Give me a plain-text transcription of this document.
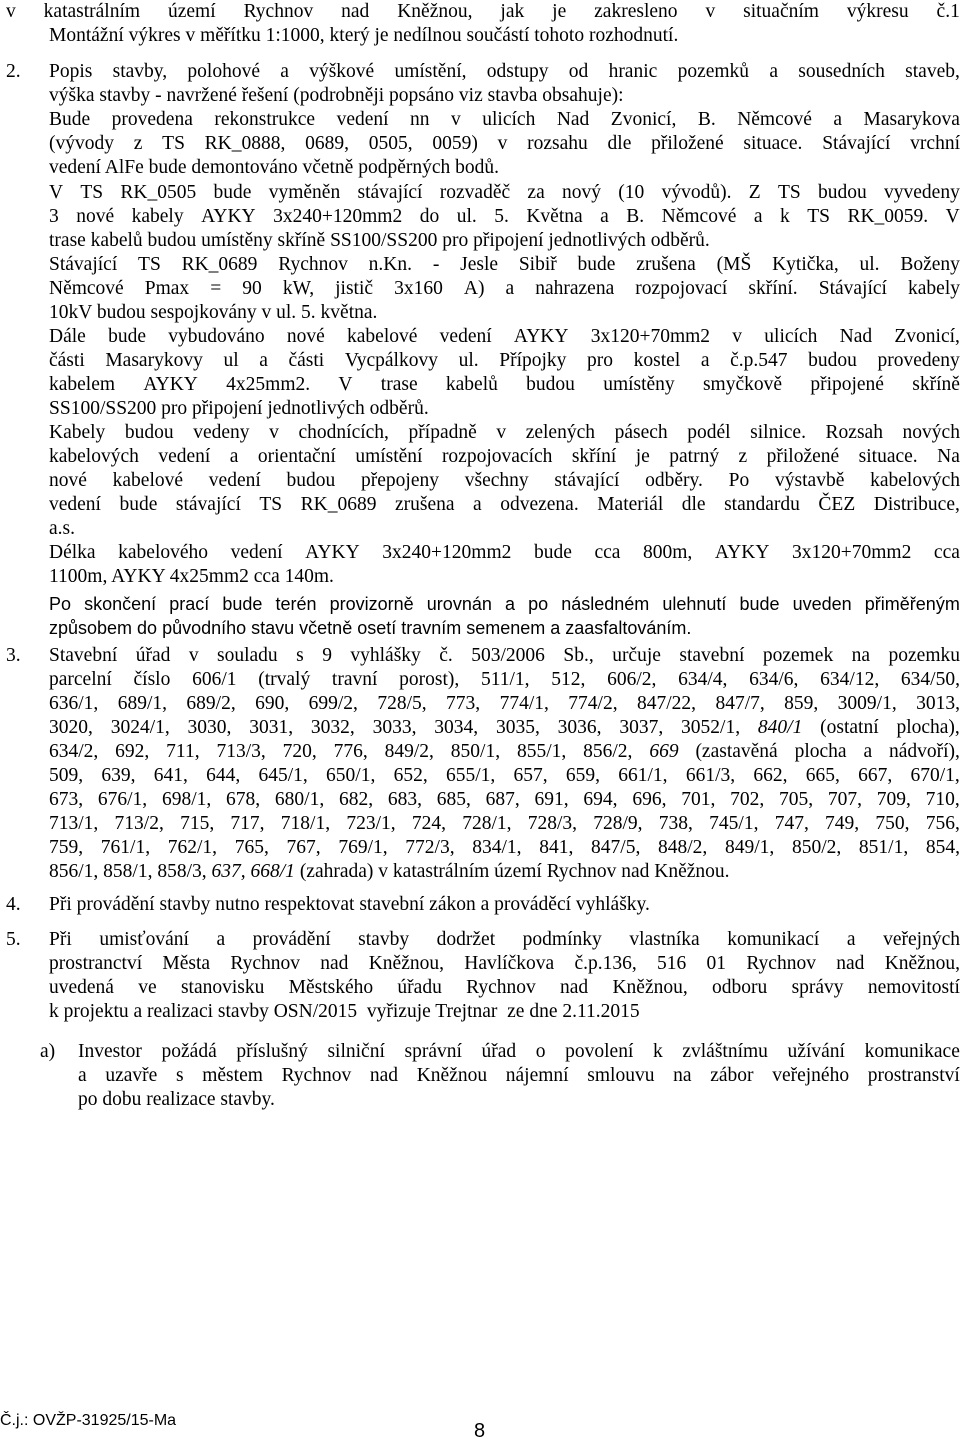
v katastrálním území Rychnov nad Kněžnou, jak je zakresleno v situačním výkresu č.1
Montážní výkres v měřítku 1:1000, který je nedílnou součástí tohoto rozhodnutí.
2. Popis stavby, polohové a výškové umístění, odstupy od hranic pozemků a sousedních staveb,
výška stavby - navržené řešení (podrobněji popsáno viz stavba obsahuje):
Bude provedena rekonstrukce vedení nn v ulicích Nad Zvonicí, B. Němcové a Masarykova
(vývody z TS RK_0888, 0689, 0505, 0059) v rozsahu dle přiložené situace. Stávající vrchní
vedení AlFe bude demontováno včetně podpěrných bodů.
V TS RK_0505 bude vyměněn stávající rozvaděč za nový (10 vývodů). Z TS budou vyvedeny
3 nové kabely AYKY 3x240+120mm2 do ul. 5. Května a B. Němcové a k TS RK_0059. V
trase kabelů budou umístěny skříně SS100/SS200 pro připojení jednotlivých odběrů.
Stávající TS RK_0689 Rychnov n.Kn. - Jesle Sibiř bude zrušena (MŠ Kytička, ul. Boženy
Němcové Pmax = 90 kW, jistič 3x160 A) a nahrazena rozpojovací skříní. Stávající kabely
10kV budou sespojkovány v ul. 5. května.
Dále bude vybudováno nové kabelové vedení AYKY 3x120+70mm2 v ulicích Nad Zvonicí,
části Masarykovy ul a části Vycpálkovy ul. Přípojky pro kostel a č.p.547 budou provedeny
kabelem AYKY 4x25mm2. V trase kabelů budou umístěny smyčkově připojené skříně
SS100/SS200 pro připojení jednotlivých odběrů.
Kabely budou vedeny v chodnících, případně v zelených pásech podél silnice. Rozsah nových
kabelových vedení a orientační umístění rozpojovacích skříní je patrný z přiložené situace. Na
nové kabelové vedení budou přepojeny všechny stávající odběry. Po výstavbě kabelových
vedení bude stávající TS RK_0689 zrušena a odvezena. Materiál dle standardu ČEZ Distribuce,
a.s.
Délka kabelového vedení AYKY 3x240+120mm2 bude cca 800m, AYKY 3x120+70mm2 cca
1100m, AYKY 4x25mm2 cca 140m.
Po skončení prací bude terén provizorně urovnán a po následném ulehnutí bude uveden přiměřeným
způsobem do původního stavu včetně osetí travním semenem a zaasfaltováním.
3. Stavební úřad v souladu s 9 vyhlášky č. 503/2006 Sb., určuje stavební pozemek na pozemku
parcelní číslo 606/1 (trvalý travní porost), 511/1, 512, 606/2, 634/4, 634/6, 634/12, 634/50,
636/1, 689/1, 689/2, 690, 699/2, 728/5, 773, 774/1, 774/2, 847/22, 847/7, 859, 3009/1, 3013,
3020, 3024/1, 3030, 3031, 3032, 3033, 3034, 3035, 3036, 3037, 3052/1, 840/1 (ostatní plocha),
634/2, 692, 711, 713/3, 720, 776, 849/2, 850/1, 855/1, 856/2, 669 (zastavěná plocha a nádvoří),
509, 639, 641, 644, 645/1, 650/1, 652, 655/1, 657, 659, 661/1, 661/3, 662, 665, 667, 670/1,
673, 676/1, 698/1, 678, 680/1, 682, 683, 685, 687, 691, 694, 696, 701, 702, 705, 707, 709, 710,
713/1, 713/2, 715, 717, 718/1, 723/1, 724, 728/1, 728/3, 728/9, 738, 745/1, 747, 749, 750, 756,
759, 761/1, 762/1, 765, 767, 769/1, 772/3, 834/1, 841, 847/5, 848/2, 849/1, 850/2, 851/1, 854,
856/1, 858/1, 858/3, 637, 668/1 (zahrada) v katastrálním území Rychnov nad Kněžnou.
4. Při provádění stavby nutno respektovat stavební zákon a prováděcí vyhlášky.
5. Při umisťování a provádění stavby dodržet podmínky vlastníka komunikací a veřejných
prostranctví Města Rychnov nad Kněžnou, Havlíčkova č.p.136, 516 01 Rychnov nad Kněžnou,
uvedená ve stanovisku Městského úřadu Rychnov nad Kněžnou, odboru správy nemovitostí
k projektu a realizaci stavby OSN/2015  vyřizuje Trejtnar  ze dne 2.11.2015
a) Investor požádá příslušný silniční správní úřad o povolení k zvláštnímu užívání komunikace
a uzavře s městem Rychnov nad Kněžnou nájemní smlouvu na zábor veřejného prostranství
po dobu realizace stavby.
Č.j.: OVŽP-31925/15-Ma	8
